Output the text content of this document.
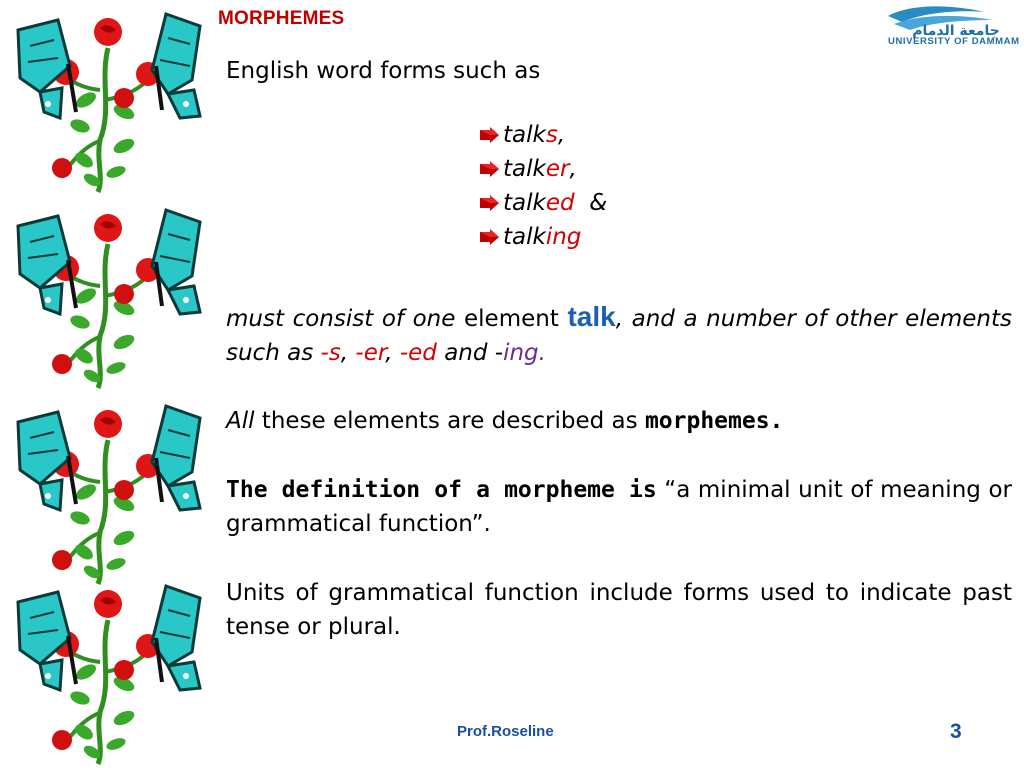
MORPHEMES
جامعة الدمام
UNIVERSITY OF DAMMAM
English word forms such as
talk s ,
talk er ,
talk ed &
talk ing

must consist of one element talk, and a number of other elements such as -s, -er, -ed and -ing.

All these elements are described as morphemes.

The definition of a morpheme is “a minimal unit of meaning or grammatical function”.

Units of grammatical function include forms used to indicate past tense or plural.

Prof.Roseline	3
